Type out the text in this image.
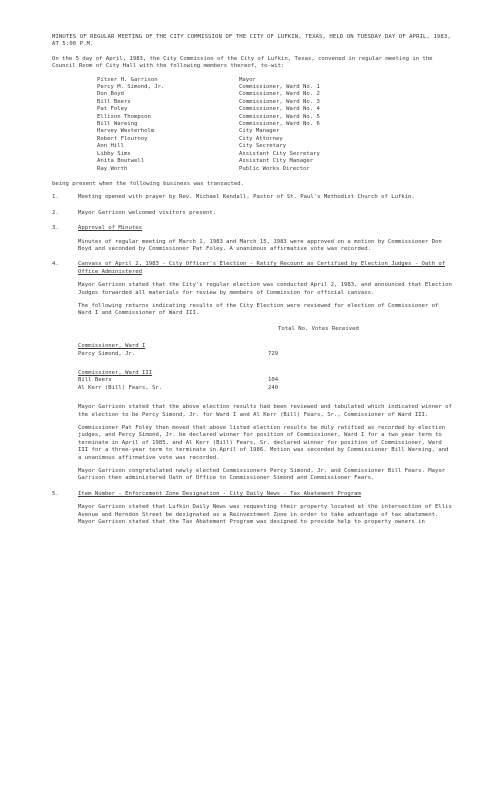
MINUTES OF REGULAR MEETING OF THE CITY COMMISSION OF THE CITY OF LUFKIN, TEXAS, HELD ON TUESDAY DAY OF APRIL, 1983, AT 5:00 P.M.

On the 5 day of April, 1983, the City Commission of the City of Lufkin, Texas, convened in regular meeting in the Council Room of City Hall with the following members thereof, to-wit:

Pitser H. Garrison	Mayor
Percy M. Simond, Jr.	Commissioner, Ward No. 1
Don Boyd	Commissioner, Ward No. 2
Bill Beers	Commissioner, Ward No. 3
Pat Foley	Commissioner, Ward No. 4
Ellison Thompson	Commissioner, Ward No. 5
Bill Wareing	Commissioner, Ward No. 6
Harvey Westerholm	City Manager
Robert Flournoy	City Attorney
Ann Hill	City Secretary
Libby Sims	Assistant City Secretary
Anita Boutwell	Assistant City Manager
Ray Worth	Public Works Director

being present when the following business was transacted.

1.	Meeting opened with prayer by Rev. Michael Kendall, Pastor of St. Paul's Methodist Church of Lufkin.
2.	Mayor Garrison welcomed visitors present.
3.	Approval of Minutes

Minutes of regular meeting of March 1, 1983 and March 15, 1983 were approved on a motion by Commissioner Don Boyd and seconded by Commissioner Pat Foley. A unanimous affirmative vote was recorded.

4.	Canvass of April 2, 1983 - City Officer's Election - Ratify Recount as Certified by Election Judges - Oath of Office Administered

Mayor Garrison stated that the City's regular election was conducted April 2, 1983, and announced that Election Judges forwarded all materials for review by members of Commission for official canvass.

The following returns indicating results of the City Election were reviewed for election of Commissioner of Ward I and Commissioner of Ward III.

Total No. Votes Received
Commissioner, Ward I
Percy Simond, Jr.	729
Commissioner, Ward III
Bill Beers	104
Al Kerr (Bill) Fears, Sr.	240

Mayor Garrison stated that the above election results had been reviewed and tabulated which indicated winner of the election to be Percy Simond, Jr. for Ward I and Al Kerr (Bill) Fears, Sr., Commissioner of Ward III.

Commissioner Pat Foley then moved that above listed election results be duly ratified as recorded by election judges, and Percy Simond, Jr. be declared winner for position of Commissioner, Ward I for a two year term to terminate in April of 1985, and Al Kerr (Bill) Fears, Sr. declared winner for position of Commissioner, Ward III for a three-year term to terminate in April of 1986. Motion was seconded by Commissioner Bill Wareing, and a unanimous affirmative vote was recorded.

Mayor Garrison congratulated newly elected Commissioners Percy Simond, Jr. and Commissioner Bill Fears. Mayor Garrison then administered Oath of Office to Commissioner Simond and Commissioner Fears.

5.	Item Number - Enforcement Zone Designation - City Daily News - Tax Abatement Program

Mayor Garrison stated that Lufkin Daily News was requesting their property located at the intersection of Ellis Avenue and Herndon Street be designated as a Reinvestment Zone in order to take advantage of tax abatement. Mayor Garrison stated that the Tax Abatement Program was designed to provide help to property owners in
